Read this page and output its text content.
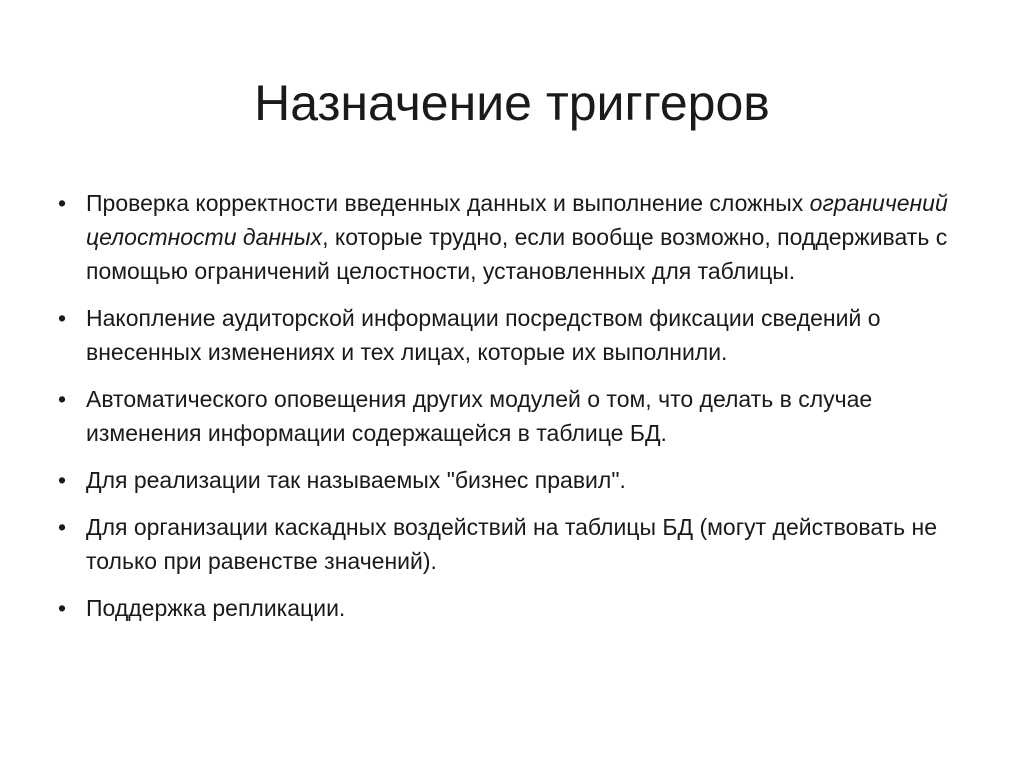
Назначение триггеров
• Проверка корректности введенных данных и выполнение сложных ограничений целостности данных, которые трудно, если вообще возможно, поддерживать с помощью ограничений целостности, установленных для таблицы.
• Накопление аудиторской информации посредством фиксации сведений о внесенных изменениях и тех лицах, которые их выполнили.
• Автоматического оповещения других модулей о том, что делать в случае изменения информации содержащейся в таблице БД.
• Для реализации так называемых "бизнес правил".
• Для организации каскадных воздействий на таблицы БД (могут действовать не только при равенстве значений).
• Поддержка репликации.
